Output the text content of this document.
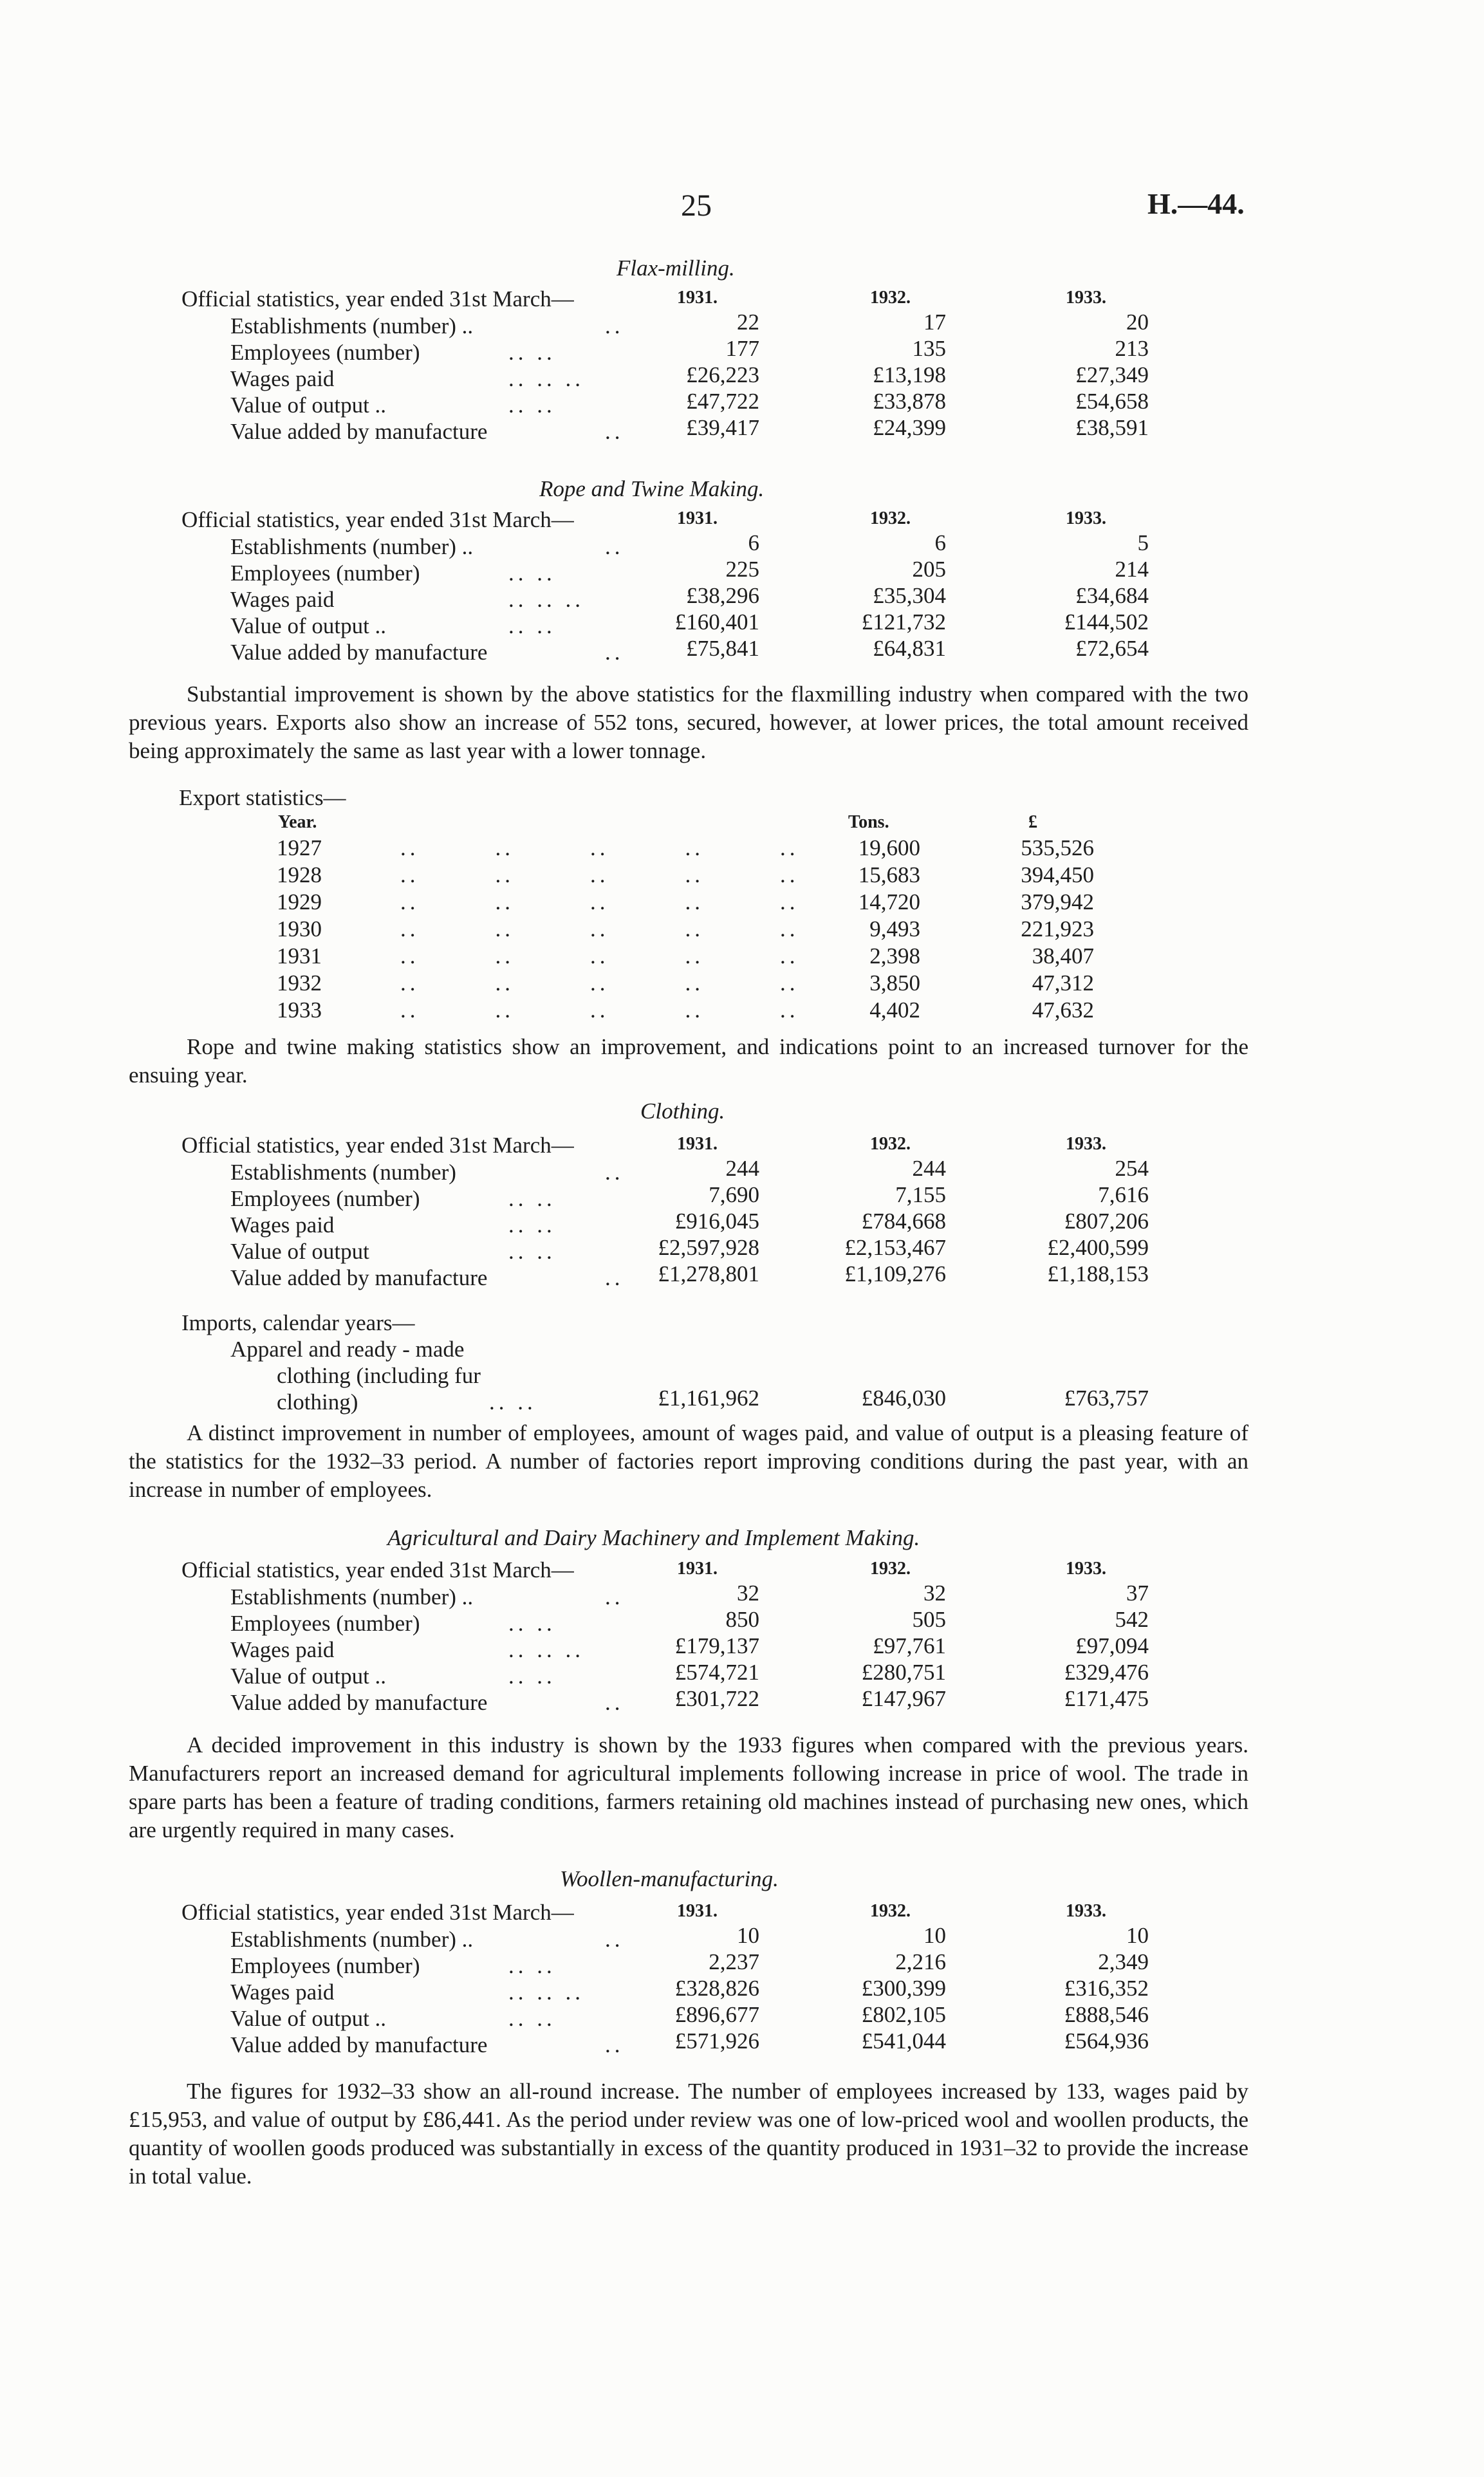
25	H.—44.
Flax-milling.
Official statistics, year ended 31st March—	1931.	1932.	1933.
Establishments (number) ..	..	22	17	20
Employees (number)	.. ..	177	135	213
Wages paid	.. .. ..	£26,223	£13,198	£27,349
Value of output ..	.. ..	£47,722	£33,878	£54,658
Value added by manufacture	..	£39,417	£24,399	£38,591
Rope and Twine Making.
Official statistics, year ended 31st March—	1931.	1932.	1933.
Establishments (number) ..	..	6	6	5
Employees (number)	.. ..	225	205	214
Wages paid	.. .. ..	£38,296	£35,304	£34,684
Value of output ..	.. ..	£160,401	£121,732	£144,502
Value added by manufacture	..	£75,841	£64,831	£72,654

Substantial improvement is shown by the above statistics for the flaxmilling industry when compared with the two previous years. Exports also show an increase of 552 tons, secured, however, at lower prices, the total amount received being approximately the same as last year with a lower tonnage.

Export statistics—
Year.	Tons.	£
1927	..        ..        ..        ..        ..	19,600	535,526
1928	..        ..        ..        ..        ..	15,683	394,450
1929	..        ..        ..        ..        ..	14,720	379,942
1930	..        ..        ..        ..        ..	9,493	221,923
1931	..        ..        ..        ..        ..	2,398	38,407
1932	..        ..        ..        ..        ..	3,850	47,312
1933	..        ..        ..        ..        ..	4,402	47,632

Rope and twine making statistics show an improvement, and indications point to an increased turnover for the ensuing year.

Clothing.
Official statistics, year ended 31st March—	1931.	1932.	1933.
Establishments (number)	..	244	244	254
Employees (number)	.. ..	7,690	7,155	7,616
Wages paid	.. ..	£916,045	£784,668	£807,206
Value of output	.. ..	£2,597,928	£2,153,467	£2,400,599
Value added by manufacture	..	£1,278,801	£1,109,276	£1,188,153
Imports, calendar years—
Apparel and ready - made
clothing (including fur
clothing)	.. ..	£1,161,962	£846,030	£763,757

A distinct improvement in number of employees, amount of wages paid, and value of output is a pleasing feature of the statistics for the 1932–33 period. A number of factories report improving conditions during the past year, with an increase in number of employees.

Agricultural and Dairy Machinery and Implement Making.
Official statistics, year ended 31st March—	1931.	1932.	1933.
Establishments (number) ..	..	32	32	37
Employees (number)	.. ..	850	505	542
Wages paid	.. .. ..	£179,137	£97,761	£97,094
Value of output ..	.. ..	£574,721	£280,751	£329,476
Value added by manufacture	..	£301,722	£147,967	£171,475

A decided improvement in this industry is shown by the 1933 figures when compared with the previous years. Manufacturers report an increased demand for agricultural implements following increase in price of wool. The trade in spare parts has been a feature of trading conditions, farmers retaining old machines instead of purchasing new ones, which are urgently required in many cases.

Woollen-manufacturing.
Official statistics, year ended 31st March—	1931.	1932.	1933.
Establishments (number) ..	..	10	10	10
Employees (number)	.. ..	2,237	2,216	2,349
Wages paid	.. .. ..	£328,826	£300,399	£316,352
Value of output ..	.. ..	£896,677	£802,105	£888,546
Value added by manufacture	..	£571,926	£541,044	£564,936

The figures for 1932–33 show an all-round increase. The number of employees increased by 133, wages paid by £15,953, and value of output by £86,441. As the period under review was one of low-priced wool and woollen products, the quantity of woollen goods produced was substantially in excess of the quantity produced in 1931–32 to provide the increase in total value.
